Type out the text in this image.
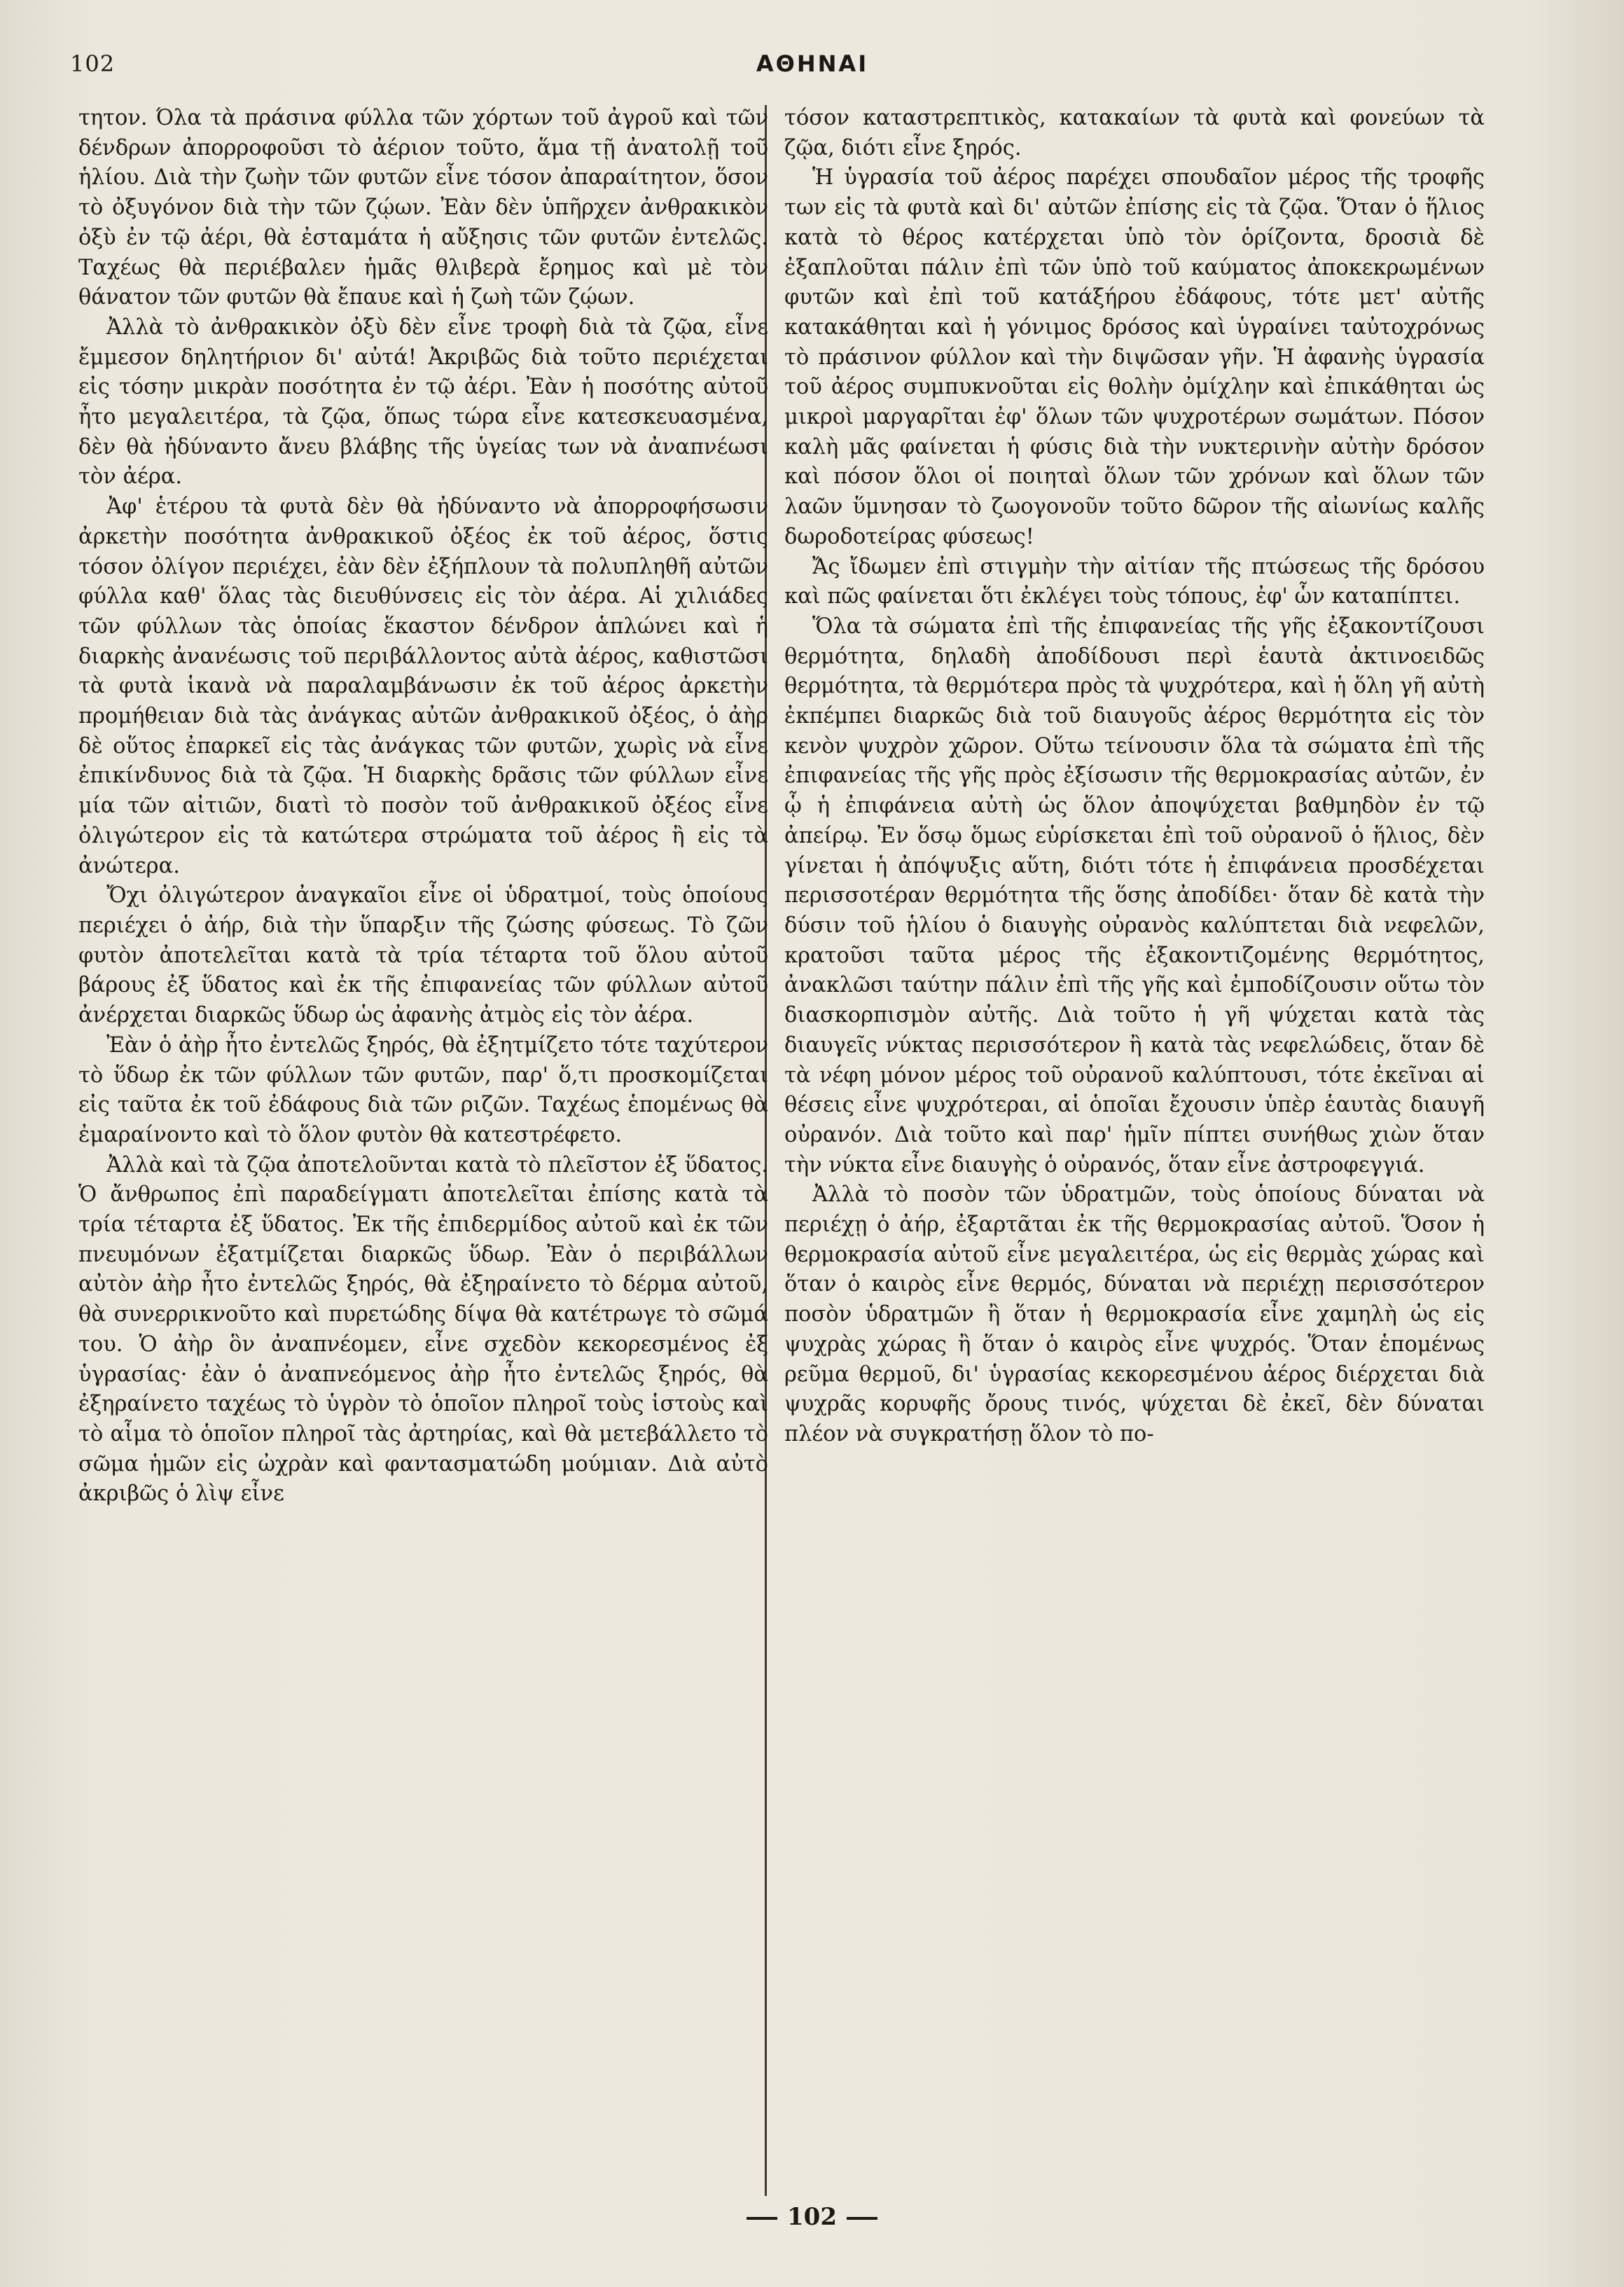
102	ΑΘΗΝΑΙ

τητον. Όλα τὰ πράσινα φύλλα τῶν χόρτων τοῦ ἀγροῦ καὶ τῶν δένδρων ἀπορροφοῦσι τὸ ἀέριον τοῦτο, ἅμα τῇ ἀνατολῇ τοῦ ἡλίου. Διὰ τὴν ζωὴν τῶν φυτῶν εἶνε τόσον ἀπαραίτητον, ὅσον τὸ ὀξυγόνον διὰ τὴν τῶν ζῴων. Ἐὰν δὲν ὑπῆρχεν ἀνθρακικὸν ὀξὺ ἐν τῷ ἀέρι, θὰ ἐσταμάτα ἡ αὔξησις τῶν φυτῶν ἐντελῶς. Ταχέως θὰ περιέβαλεν ἡμᾶς θλιβερὰ ἔρημος καὶ μὲ τὸν θάνατον τῶν φυτῶν θὰ ἔπαυε καὶ ἡ ζωὴ τῶν ζῴων.

Ἀλλὰ τὸ ἀνθρακικὸν ὀξὺ δὲν εἶνε τροφὴ διὰ τὰ ζῷα, εἶνε ἔμμεσον δηλητήριον δι' αὐτά! Ἀκριβῶς διὰ τοῦτο περιέχεται εἰς τόσην μικρὰν ποσότητα ἐν τῷ ἀέρι. Ἐὰν ἡ ποσότης αὐτοῦ ἦτο μεγαλειτέρα, τὰ ζῷα, ὅπως τώρα εἶνε κατεσκευασμένα, δὲν θὰ ἠδύναντο ἄνευ βλάβης τῆς ὑγείας των νὰ ἀναπνέωσι τὸν ἀέρα.

Ἀφ' ἑτέρου τὰ φυτὰ δὲν θὰ ἠδύναντο νὰ ἀπορροφήσωσιν ἀρκετὴν ποσότητα ἀνθρακικοῦ ὀξέος ἐκ τοῦ ἀέρος, ὅστις τόσον ὀλίγον περιέχει, ἐὰν δὲν ἐξήπλουν τὰ πολυπληθῆ αὐτῶν φύλλα καθ' ὅλας τὰς διευθύνσεις εἰς τὸν ἀέρα. Αἱ χιλιάδες τῶν φύλλων τὰς ὁποίας ἕκαστον δένδρον ἁπλώνει καὶ ἡ διαρκὴς ἀνανέωσις τοῦ περιβάλλοντος αὐτὰ ἀέρος, καθιστῶσι τὰ φυτὰ ἱκανὰ νὰ παραλαμβάνωσιν ἐκ τοῦ ἀέρος ἀρκετὴν προμήθειαν διὰ τὰς ἀνάγκας αὐτῶν ἀνθρακικοῦ ὀξέος, ὁ ἀὴρ δὲ οὕτος ἐπαρκεῖ εἰς τὰς ἀνάγκας τῶν φυτῶν, χωρὶς νὰ εἶνε ἐπικίνδυνος διὰ τὰ ζῷα. Ἡ διαρκὴς δρᾶσις τῶν φύλλων εἶνε μία τῶν αἰτιῶν, διατὶ τὸ ποσὸν τοῦ ἀνθρακικοῦ ὀξέος εἶνε ὀλιγώτερον εἰς τὰ κατώτερα στρώματα τοῦ ἀέρος ἢ εἰς τὰ ἀνώτερα.

Ὄχι ὀλιγώτερον ἀναγκαῖοι εἶνε οἱ ὑδρατμοί, τοὺς ὁποίους περιέχει ὁ ἀήρ, διὰ τὴν ὕπαρξιν τῆς ζώσης φύσεως. Τὸ ζῶν φυτὸν ἀποτελεῖται κατὰ τὰ τρία τέταρτα τοῦ ὅλου αὐτοῦ βάρους ἐξ ὕδατος καὶ ἐκ τῆς ἐπιφανείας τῶν φύλλων αὐτοῦ ἀνέρχεται διαρκῶς ὕδωρ ὡς ἀφανὴς ἀτμὸς εἰς τὸν ἀέρα.

Ἐὰν ὁ ἀὴρ ἦτο ἐντελῶς ξηρός, θὰ ἐξητμίζετο τότε ταχύτερον τὸ ὕδωρ ἐκ τῶν φύλλων τῶν φυτῶν, παρ' ὅ,τι προσκομίζεται εἰς ταῦτα ἐκ τοῦ ἐδάφους διὰ τῶν ριζῶν. Ταχέως ἑπομένως θὰ ἐμαραίνοντο καὶ τὸ ὅλον φυτὸν θὰ κατεστρέφετο.

Ἀλλὰ καὶ τὰ ζῷα ἀποτελοῦνται κατὰ τὸ πλεῖστον ἐξ ὕδατος. Ὁ ἄνθρωπος ἐπὶ παραδείγματι ἀποτελεῖται ἐπίσης κατὰ τὰ τρία τέταρτα ἐξ ὕδατος. Ἐκ τῆς ἐπιδερμίδος αὐτοῦ καὶ ἐκ τῶν πνευμόνων ἐξατμίζεται διαρκῶς ὕδωρ. Ἐὰν ὁ περιβάλλων αὐτὸν ἀὴρ ἦτο ἐντελῶς ξηρός, θὰ ἐξηραίνετο τὸ δέρμα αὐτοῦ, θὰ συνερρικνοῦτο καὶ πυρετώδης δίψα θὰ κατέτρωγε τὸ σῶμά του. Ὁ ἀὴρ ὃν ἀναπνέομεν, εἶνε σχεδὸν κεκορεσμένος ἐξ ὑγρασίας· ἐὰν ὁ ἀναπνεόμενος ἀὴρ ἦτο ἐντελῶς ξηρός, θὰ ἐξηραίνετο ταχέως τὸ ὑγρὸν τὸ ὁποῖον πληροῖ τοὺς ἱστοὺς καὶ τὸ αἷμα τὸ ὁποῖον πληροῖ τὰς ἀρτηρίας, καὶ θὰ μετεβάλλετο τὸ σῶμα ἡμῶν εἰς ὠχρὰν καὶ φαντασματώδη μούμιαν. Διὰ αὐτὸ ἀκριβῶς ὁ λὶψ εἶνε

τόσον καταστρεπτικὸς, κατακαίων τὰ φυτὰ καὶ φονεύων τὰ ζῷα, διότι εἶνε ξηρός.

Ἡ ὑγρασία τοῦ ἀέρος παρέχει σπουδαῖον μέρος τῆς τροφῆς των εἰς τὰ φυτὰ καὶ δι' αὐτῶν ἐπίσης εἰς τὰ ζῷα. Ὅταν ὁ ἥλιος κατὰ τὸ θέρος κατέρχεται ὑπὸ τὸν ὁρίζοντα, δροσιὰ δὲ ἐξαπλοῦται πάλιν ἐπὶ τῶν ὑπὸ τοῦ καύματος ἀποκεκρωμένων φυτῶν καὶ ἐπὶ τοῦ κατάξήρου ἐδάφους, τότε μετ' αὐτῆς κατακάθηται καὶ ἡ γόνιμος δρόσος καὶ ὑγραίνει ταὐτοχρόνως τὸ πράσινον φύλλον καὶ τὴν διψῶσαν γῆν. Ἡ ἀφανὴς ὑγρασία τοῦ ἀέρος συμπυκνοῦται εἰς θολὴν ὀμίχλην καὶ ἐπικάθηται ὡς μικροὶ μαργαρῖται ἐφ' ὅλων τῶν ψυχροτέρων σωμάτων. Πόσον καλὴ μᾶς φαίνεται ἡ φύσις διὰ τὴν νυκτερινὴν αὐτὴν δρόσον καὶ πόσον ὅλοι οἱ ποιηταὶ ὅλων τῶν χρόνων καὶ ὅλων τῶν λαῶν ὕμνησαν τὸ ζωογονοῦν τοῦτο δῶρον τῆς αἰωνίως καλῆς δωροδοτείρας φύσεως!

Ἄς ἴδωμεν ἐπὶ στιγμὴν τὴν αἰτίαν τῆς πτώσεως τῆς δρόσου καὶ πῶς φαίνεται ὅτι ἐκλέγει τοὺς τόπους, ἐφ' ὧν καταπίπτει.

Ὅλα τὰ σώματα ἐπὶ τῆς ἐπιφανείας τῆς γῆς ἐξακοντίζουσι θερμότητα, δηλαδὴ ἀποδίδουσι περὶ ἑαυτὰ ἀκτινοειδῶς θερμότητα, τὰ θερμότερα πρὸς τὰ ψυχρότερα, καὶ ἡ ὅλη γῆ αὐτὴ ἐκπέμπει διαρκῶς διὰ τοῦ διαυγοῦς ἀέρος θερμότητα εἰς τὸν κενὸν ψυχρὸν χῶρον. Οὕτω τείνουσιν ὅλα τὰ σώματα ἐπὶ τῆς ἐπιφανείας τῆς γῆς πρὸς ἐξίσωσιν τῆς θερμοκρασίας αὐτῶν, ἐν ᾧ ἡ ἐπιφάνεια αὐτὴ ὡς ὅλον ἀποψύχεται βαθμηδὸν ἐν τῷ ἀπείρῳ. Ἐν ὅσῳ ὅμως εὑρίσκεται ἐπὶ τοῦ οὐρανοῦ ὁ ἥλιος, δὲν γίνεται ἡ ἀπόψυξις αὕτη, διότι τότε ἡ ἐπιφάνεια προσδέχεται περισσοτέραν θερμότητα τῆς ὅσης ἀποδίδει· ὅταν δὲ κατὰ τὴν δύσιν τοῦ ἡλίου ὁ διαυγὴς οὐρανὸς καλύπτεται διὰ νεφελῶν, κρατοῦσι ταῦτα μέρος τῆς ἐξακοντιζομένης θερμότητος, ἀνακλῶσι ταύτην πάλιν ἐπὶ τῆς γῆς καὶ ἐμποδίζουσιν οὕτω τὸν διασκορπισμὸν αὐτῆς. Διὰ τοῦτο ἡ γῆ ψύχεται κατὰ τὰς διαυγεῖς νύκτας περισσότερον ἢ κατὰ τὰς νεφελώδεις, ὅταν δὲ τὰ νέφη μόνον μέρος τοῦ οὐρανοῦ καλύπτουσι, τότε ἐκεῖναι αἱ θέσεις εἶνε ψυχρότεραι, αἱ ὁποῖαι ἔχουσιν ὑπὲρ ἑαυτὰς διαυγῆ οὐρανόν. Διὰ τοῦτο καὶ παρ' ἡμῖν πίπτει συνήθως χιὼν ὅταν τὴν νύκτα εἶνε διαυγὴς ὁ οὐρανός, ὅταν εἶνε ἀστροφεγγιά.

Ἀλλὰ τὸ ποσὸν τῶν ὑδρατμῶν, τοὺς ὁποίους δύναται νὰ περιέχῃ ὁ ἀήρ, ἐξαρτᾶται ἐκ τῆς θερμοκρασίας αὐτοῦ. Ὅσον ἡ θερμοκρασία αὐτοῦ εἶνε μεγαλειτέρα, ὡς εἰς θερμὰς χώρας καὶ ὅταν ὁ καιρὸς εἶνε θερμός, δύναται νὰ περιέχῃ περισσότερον ποσὸν ὑδρατμῶν ἢ ὅταν ἡ θερμοκρασία εἶνε χαμηλὴ ὡς εἰς ψυχρὰς χώρας ἢ ὅταν ὁ καιρὸς εἶνε ψυχρός. Ὅταν ἑπομένως ρεῦμα θερμοῦ, δι' ὑγρασίας κεκορεσμένου ἀέρος διέρχεται διὰ ψυχρᾶς κορυφῆς ὄρους τινός, ψύχεται δὲ ἐκεῖ, δὲν δύναται πλέον νὰ συγκρατήσῃ ὅλον τὸ πο-

102
